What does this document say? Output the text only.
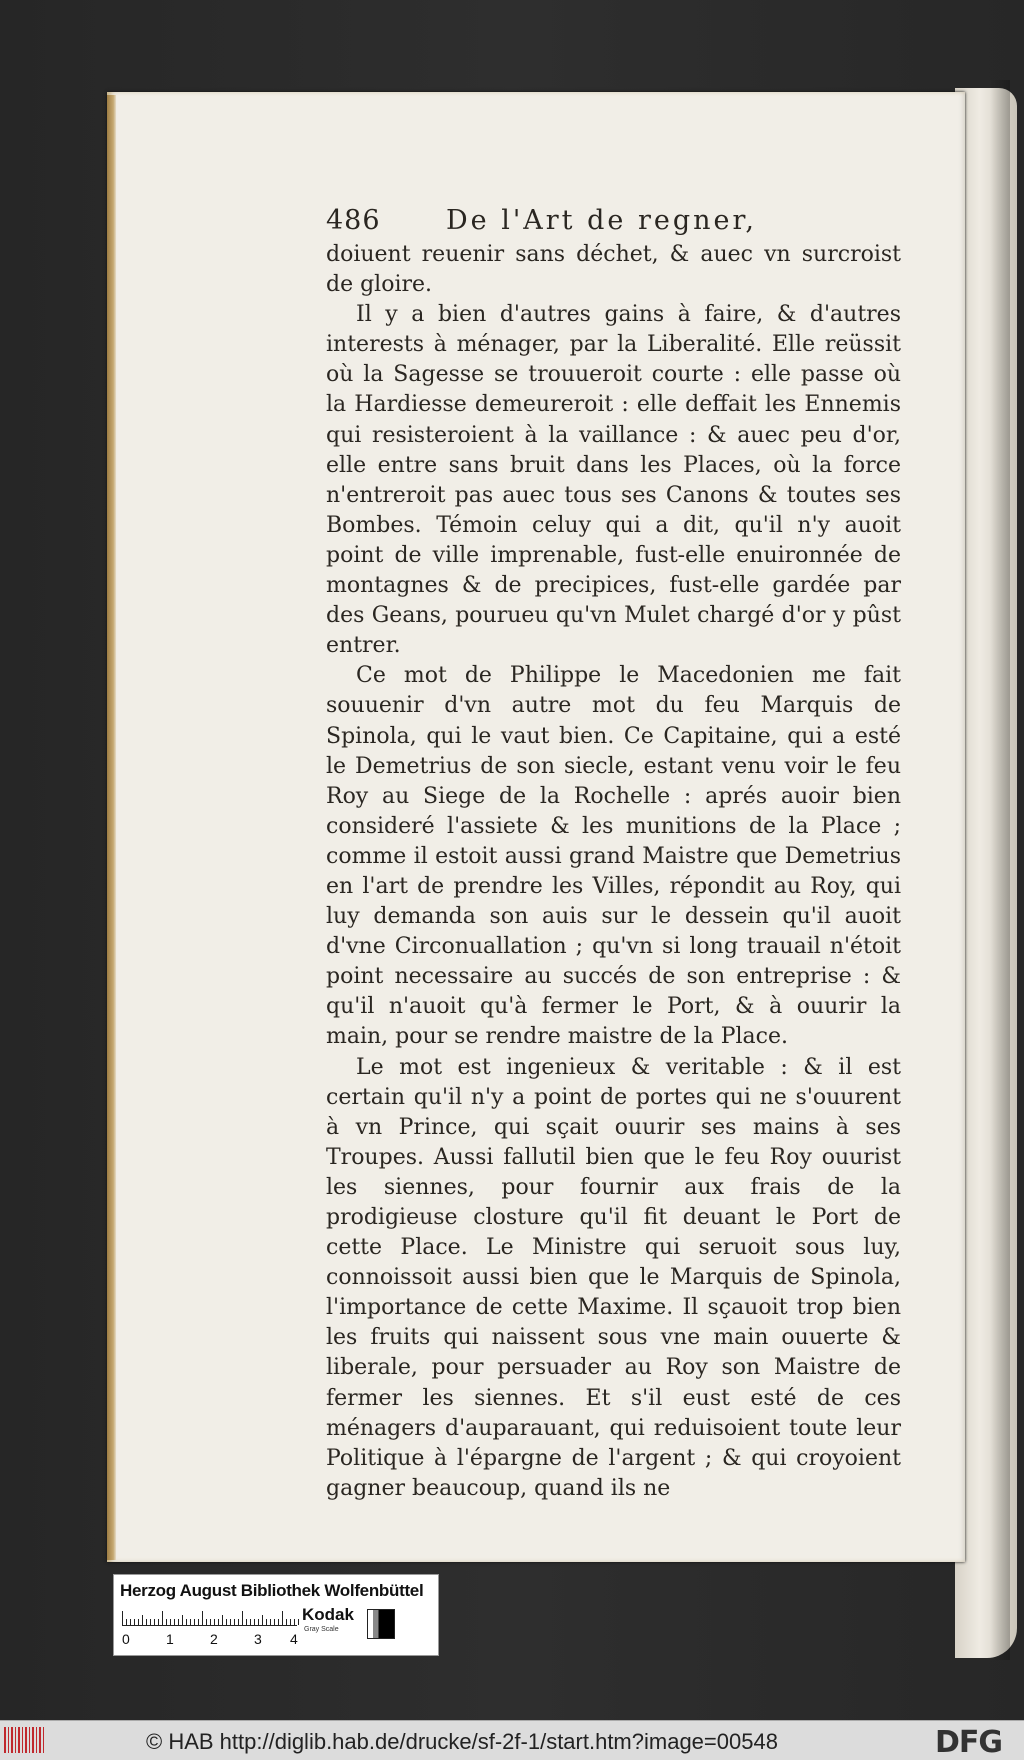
486 De l'Art de regner,

doiuent reuenir sans déchet, & auec vn surcroist de gloire.

Il y a bien d'autres gains à faire, & d'autres interests à ménager, par la Liberalité. Elle reüssit où la Sagesse se trouueroit courte : elle passe où la Hardiesse demeureroit : elle deffait les Ennemis qui resisteroient à la vaillance : & auec peu d'or, elle entre sans bruit dans les Places, où la force n'entreroit pas auec tous ses Canons & toutes ses Bombes. Témoin celuy qui a dit, qu'il n'y auoit point de ville imprenable, fust-elle enuironnée de montagnes & de precipices, fust-elle gardée par des Geans, pourueu qu'vn Mulet chargé d'or y pûst entrer.

Ce mot de Philippe le Macedonien me fait souuenir d'vn autre mot du feu Marquis de Spinola, qui le vaut bien. Ce Capitaine, qui a esté le Demetrius de son siecle, estant venu voir le feu Roy au Siege de la Rochelle : aprés auoir bien consideré l'assiete & les munitions de la Place ; comme il estoit aussi grand Maistre que Demetrius en l'art de prendre les Villes, répondit au Roy, qui luy demanda son auis sur le dessein qu'il auoit d'vne Circonuallation ; qu'vn si long trauail n'étoit point necessaire au succés de son entreprise : & qu'il n'auoit qu'à fermer le Port, & à ouurir la main, pour se rendre maistre de la Place.

Le mot est ingenieux & veritable : & il est certain qu'il n'y a point de portes qui ne s'ouurent à vn Prince, qui sçait ouurir ses mains à ses Troupes. Aussi fallutil bien que le feu Roy ouurist les siennes, pour fournir aux frais de la prodigieuse closture qu'il fit deuant le Port de cette Place. Le Ministre qui seruoit sous luy, connoissoit aussi bien que le Marquis de Spinola, l'importance de cette Maxime. Il sçauoit trop bien les fruits qui naissent sous vne main ouuerte & liberale, pour persuader au Roy son Maistre de fermer les siennes. Et s'il eust esté de ces ménagers d'auparauant, qui reduisoient toute leur Politique à l'épargne de l'argent ; & qui croyoient gagner beaucoup, quand ils ne

Herzog August Bibliothek Wolfenbüttel
0	1	2	3 4
Kodak
Gray Scale
© HAB http://diglib.hab.de/drucke/sf-2f-1/start.htm?image=00548	DFG
